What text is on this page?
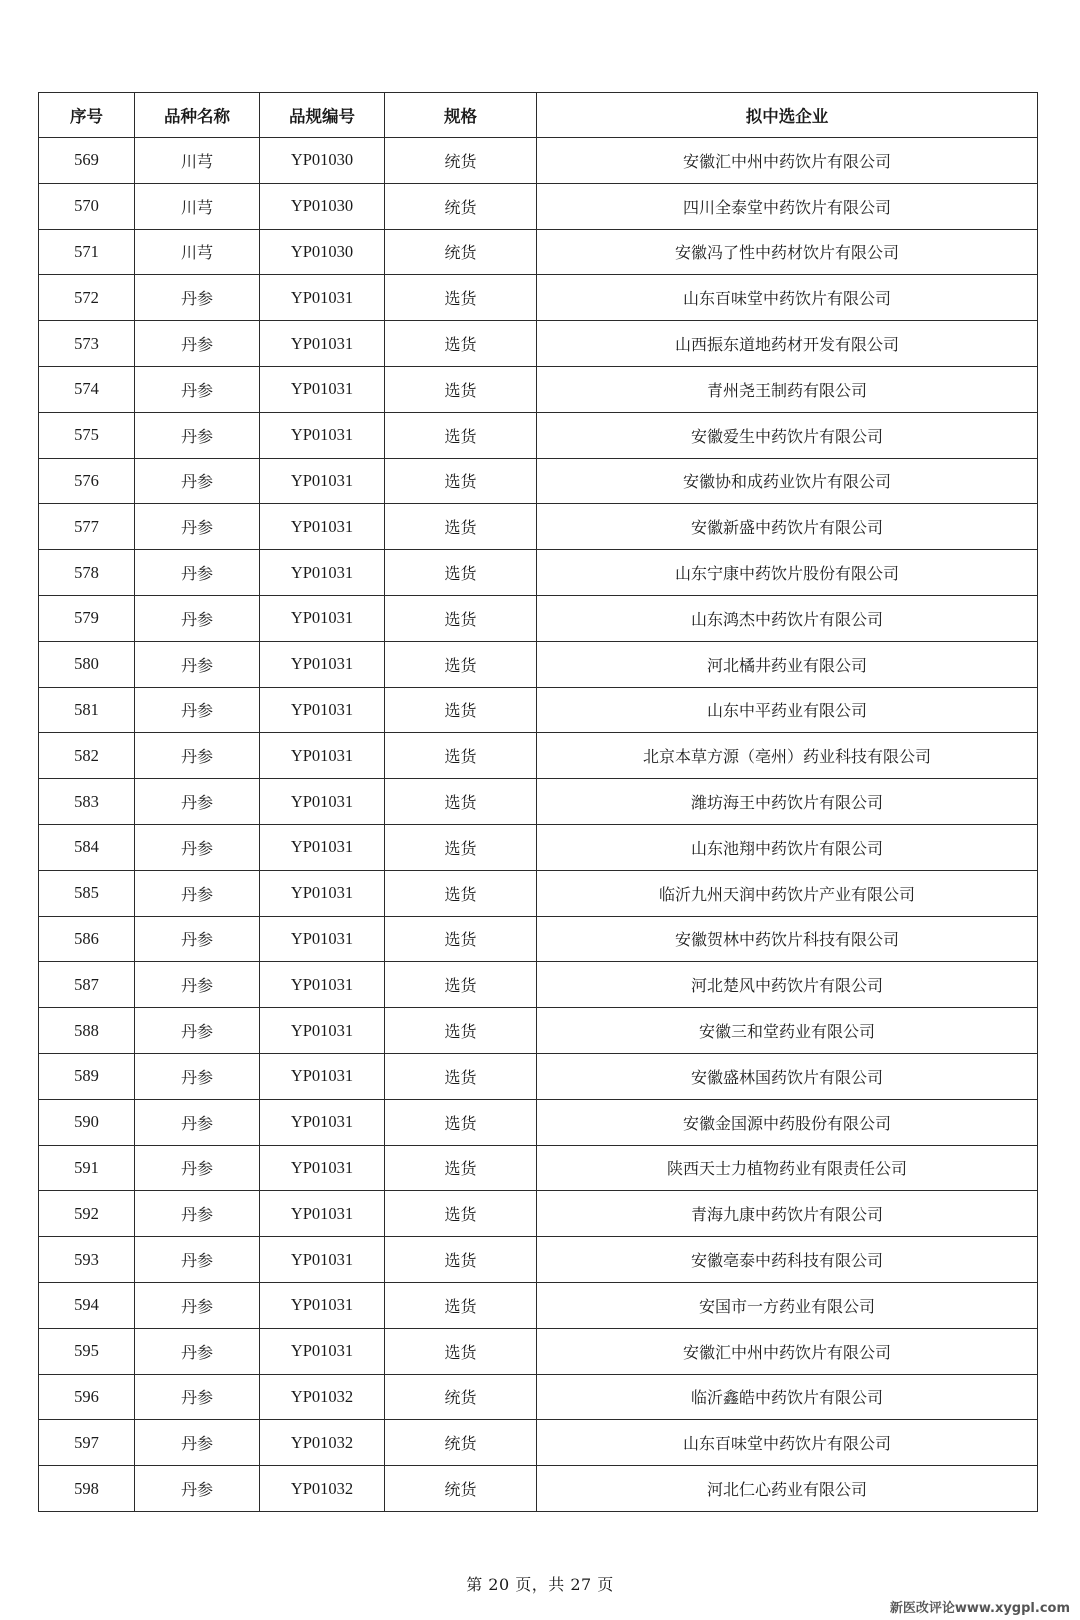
序号	品种名称	品规编号	规格	拟中选企业
569	川芎	YP01030	统货	安徽汇中州中药饮片有限公司
570	川芎	YP01030	统货	四川全泰堂中药饮片有限公司
571	川芎	YP01030	统货	安徽冯了性中药材饮片有限公司
572	丹参	YP01031	选货	山东百味堂中药饮片有限公司
573	丹参	YP01031	选货	山西振东道地药材开发有限公司
574	丹参	YP01031	选货	青州尧王制药有限公司
575	丹参	YP01031	选货	安徽爱生中药饮片有限公司
576	丹参	YP01031	选货	安徽协和成药业饮片有限公司
577	丹参	YP01031	选货	安徽新盛中药饮片有限公司
578	丹参	YP01031	选货	山东宁康中药饮片股份有限公司
579	丹参	YP01031	选货	山东鸿杰中药饮片有限公司
580	丹参	YP01031	选货	河北橘井药业有限公司
581	丹参	YP01031	选货	山东中平药业有限公司
582	丹参	YP01031	选货	北京本草方源（亳州）药业科技有限公司
583	丹参	YP01031	选货	潍坊海王中药饮片有限公司
584	丹参	YP01031	选货	山东池翔中药饮片有限公司
585	丹参	YP01031	选货	临沂九州天润中药饮片产业有限公司
586	丹参	YP01031	选货	安徽贺林中药饮片科技有限公司
587	丹参	YP01031	选货	河北楚风中药饮片有限公司
588	丹参	YP01031	选货	安徽三和堂药业有限公司
589	丹参	YP01031	选货	安徽盛林国药饮片有限公司
590	丹参	YP01031	选货	安徽金国源中药股份有限公司
591	丹参	YP01031	选货	陕西天士力植物药业有限责任公司
592	丹参	YP01031	选货	青海九康中药饮片有限公司
593	丹参	YP01031	选货	安徽亳泰中药科技有限公司
594	丹参	YP01031	选货	安国市一方药业有限公司
595	丹参	YP01031	选货	安徽汇中州中药饮片有限公司
596	丹参	YP01032	统货	临沂鑫皓中药饮片有限公司
597	丹参	YP01032	统货	山东百味堂中药饮片有限公司
598	丹参	YP01032	统货	河北仁心药业有限公司
第 20 页，共 27 页
新医改评论www.xygpl.com
